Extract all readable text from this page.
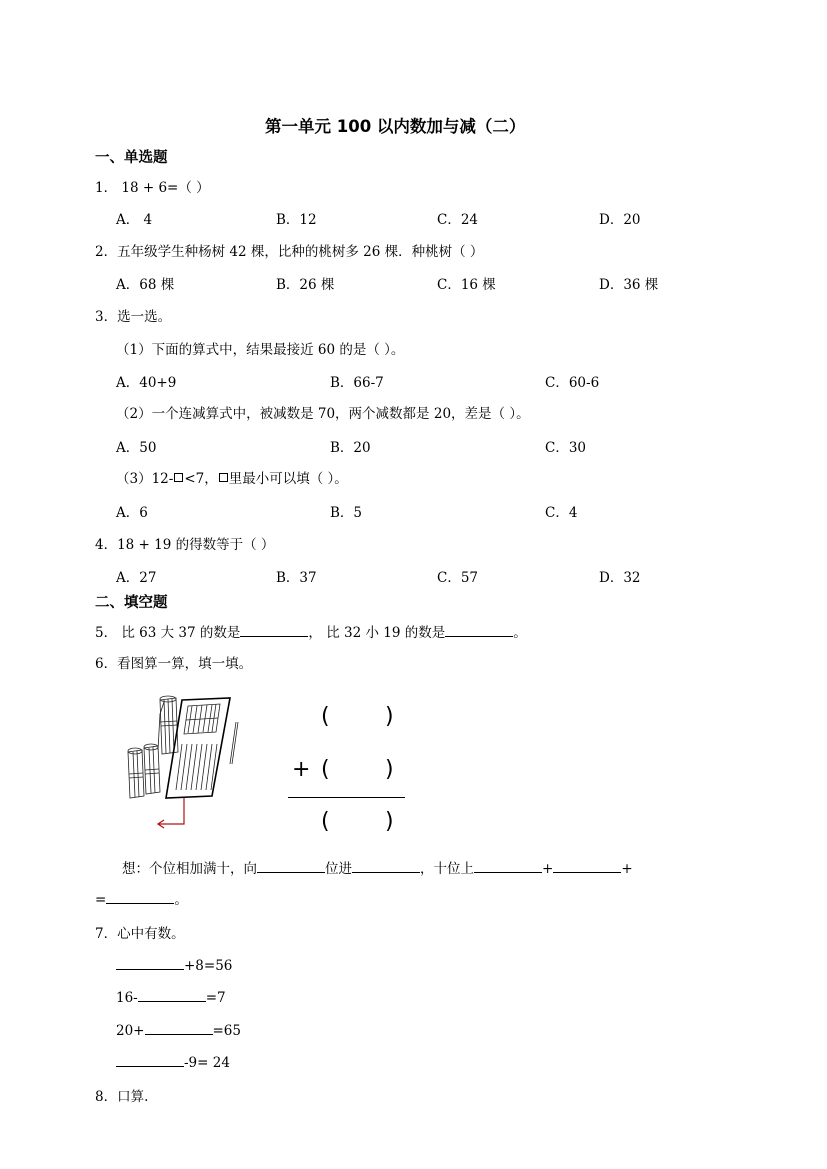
第一单元 100 以内数加与减（二）
一、单选题
1． 18 + 6=（ ）
A． 4	B．12	C．24	D．20
2．五年级学生种杨树 42 棵，比种的桃树多 26 棵．种桃树（ ）
A．68 棵	B．26 棵	C．16 棵	D．36 棵
3．选一选。
（1）下面的算式中，结果最接近 60 的是（ ）。
A．40+9	B．66-7	C．60-6
（2）一个连减算式中，被减数是 70，两个减数都是 20，差是（ ）。
A．50	B．20	C．30
（3）12- <7， 里最小可以填（ ）。
A．6	B．5	C．4
4．18 + 19 的得数等于（ ）
A．27	B．37	C．57	D．32
二、填空题
5． 比 63 大 37 的数是	， 比 32 小 19 的数是	。
6．看图算一算，填一填。
(	)
+ (	)
(	)
想：个位相加满十，向	位进	，十位上	+	+
=	。
7．心中有数。
+8=56
16-	=7
20+	=65
-9= 24
8．口算.
